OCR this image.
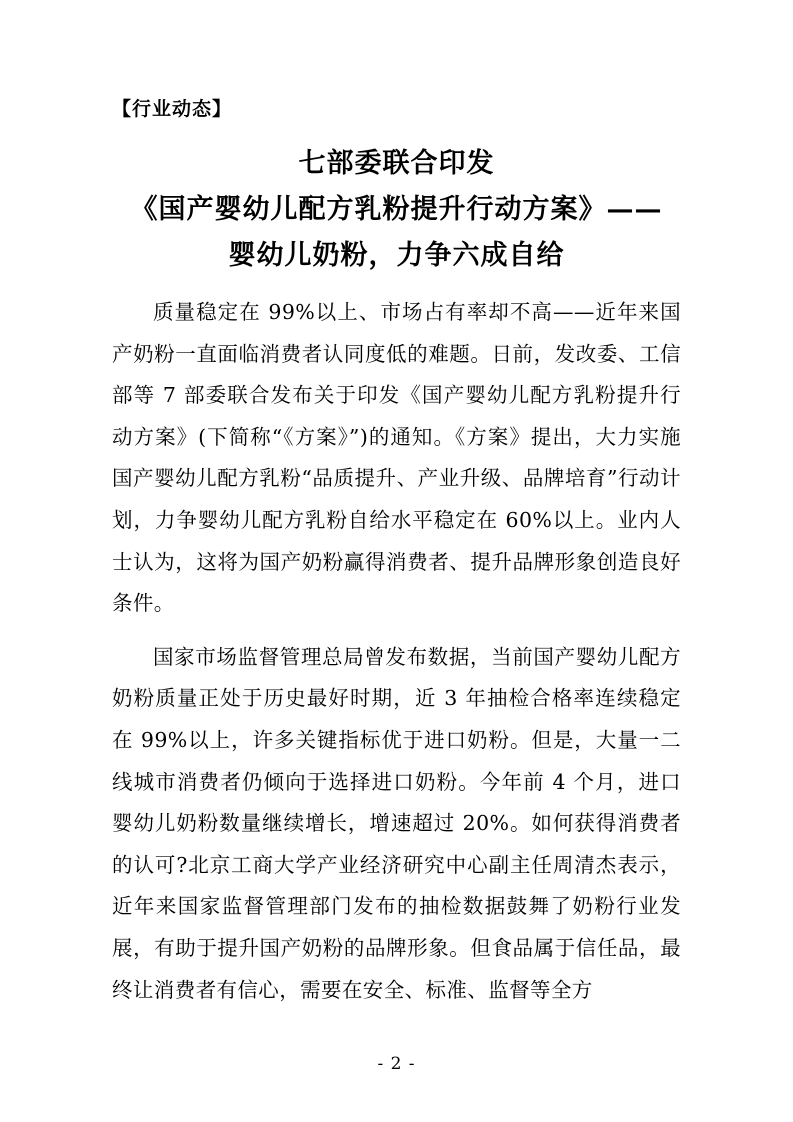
【行业动态】
七部委联合印发
《国产婴幼儿配方乳粉提升行动方案》——
婴幼儿奶粉，力争六成自给

质量稳定在 99%以上、市场占有率却不高——近年来国产奶粉一直面临消费者认同度低的难题。日前，发改委、工信部等 7 部委联合发布关于印发《国产婴幼儿配方乳粉提升行动方案》(下简称“《方案》”)的通知。《方案》提出，大力实施国产婴幼儿配方乳粉“品质提升、产业升级、品牌培育”行动计划，力争婴幼儿配方乳粉自给水平稳定在 60%以上。业内人士认为，这将为国产奶粉赢得消费者、提升品牌形象创造良好条件。

国家市场监督管理总局曾发布数据，当前国产婴幼儿配方奶粉质量正处于历史最好时期，近 3 年抽检合格率连续稳定在 99%以上，许多关键指标优于进口奶粉。但是，大量一二线城市消费者仍倾向于选择进口奶粉。今年前 4 个月，进口婴幼儿奶粉数量继续增长，增速超过 20%。如何获得消费者的认可?北京工商大学产业经济研究中心副主任周清杰表示，近年来国家监督管理部门发布的抽检数据鼓舞了奶粉行业发展，有助于提升国产奶粉的品牌形象。但食品属于信任品，最终让消费者有信心，需要在安全、标准、监督等全方

- 2 -
